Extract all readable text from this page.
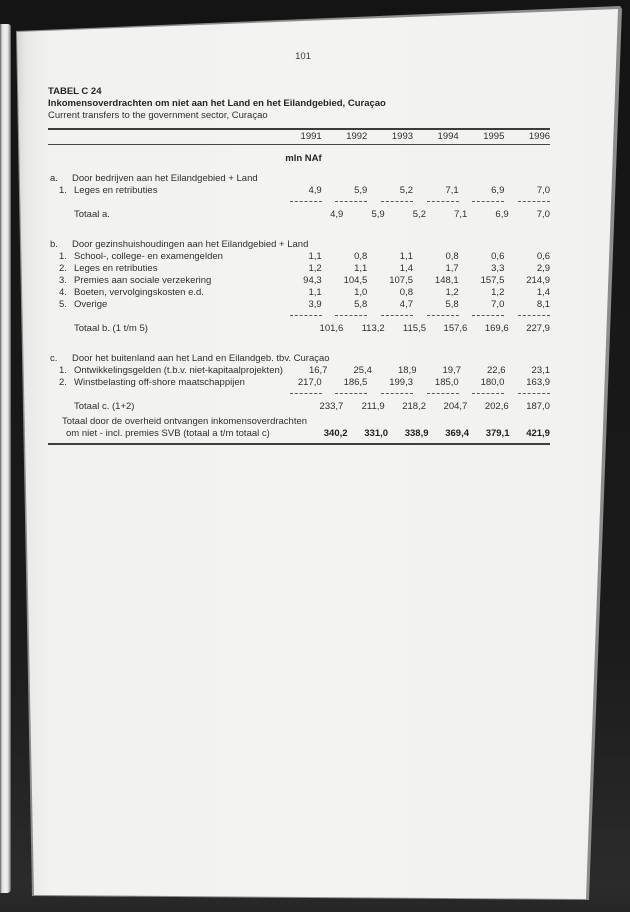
101
TABEL C 24
Inkomensoverdrachten om niet aan het Land en het Eilandgebied, Curaçao
Current transfers to the government sector, Curaçao
1991	1992	1993	1994	1995	1996
mln NAf
a. Door bedrijven aan het Eilandgebied + Land
1. Leges en retributies	4,9	5,9	5,2	7,1	6,9	7,0
Totaal a.	4,9	5,9	5,2	7,1	6,9	7,0
b. Door gezinshuishoudingen aan het Eilandgebied + Land
1. School-, college- en examengelden	1,1	0,8	1,1	0,8	0,6	0,6
2. Leges en retributies	1,2	1,1	1,4	1,7	3,3	2,9
3. Premies aan sociale verzekering	94,3	104,5	107,5	148,1	157,5	214,9
4. Boeten, vervolgingskosten e.d.	1,1	1,0	0,8	1,2	1,2	1,4
5. Overige	3,9	5,8	4,7	5,8	7,0	8,1
Totaal b. (1 t/m 5)	101,6	113,2	115,5	157,6	169,6	227,9
c. Door het buitenland aan het Land en Eilandgeb. tbv. Curaçao
1. Ontwikkelingsgelden (t.b.v. niet-kapitaalprojekten)	16,7	25,4	18,9	19,7	22,6	23,1
2. Winstbelasting off-shore maatschappijen	217,0	186,5	199,3	185,0	180,0	163,9
Totaal c. (1+2)	233,7	211,9	218,2	204,7	202,6	187,0
Totaal door de overheid ontvangen inkomensoverdrachten
om niet - incl. premies SVB (totaal a t/m totaal c)	340,2	331,0	338,9	369,4	379,1	421,9
